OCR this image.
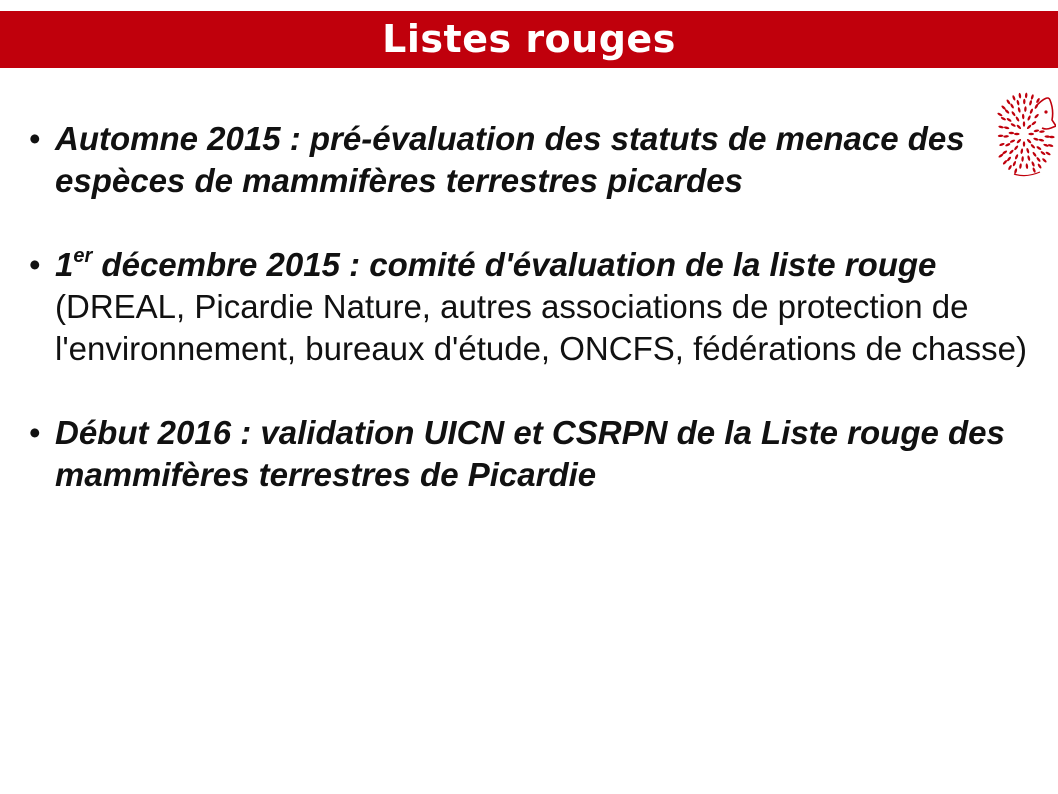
Listes rouges
• Automne 2015 : pré-évaluation des statuts de menace des espèces de mammifères terrestres picardes
• 1er décembre 2015 : comité d'évaluation de la liste rouge
(DREAL, Picardie Nature, autres associations de protection de l'environnement, bureaux d'étude, ONCFS, fédérations de chasse)
• Début 2016 : validation UICN et CSRPN de la Liste rouge des mammifères terrestres de Picardie
